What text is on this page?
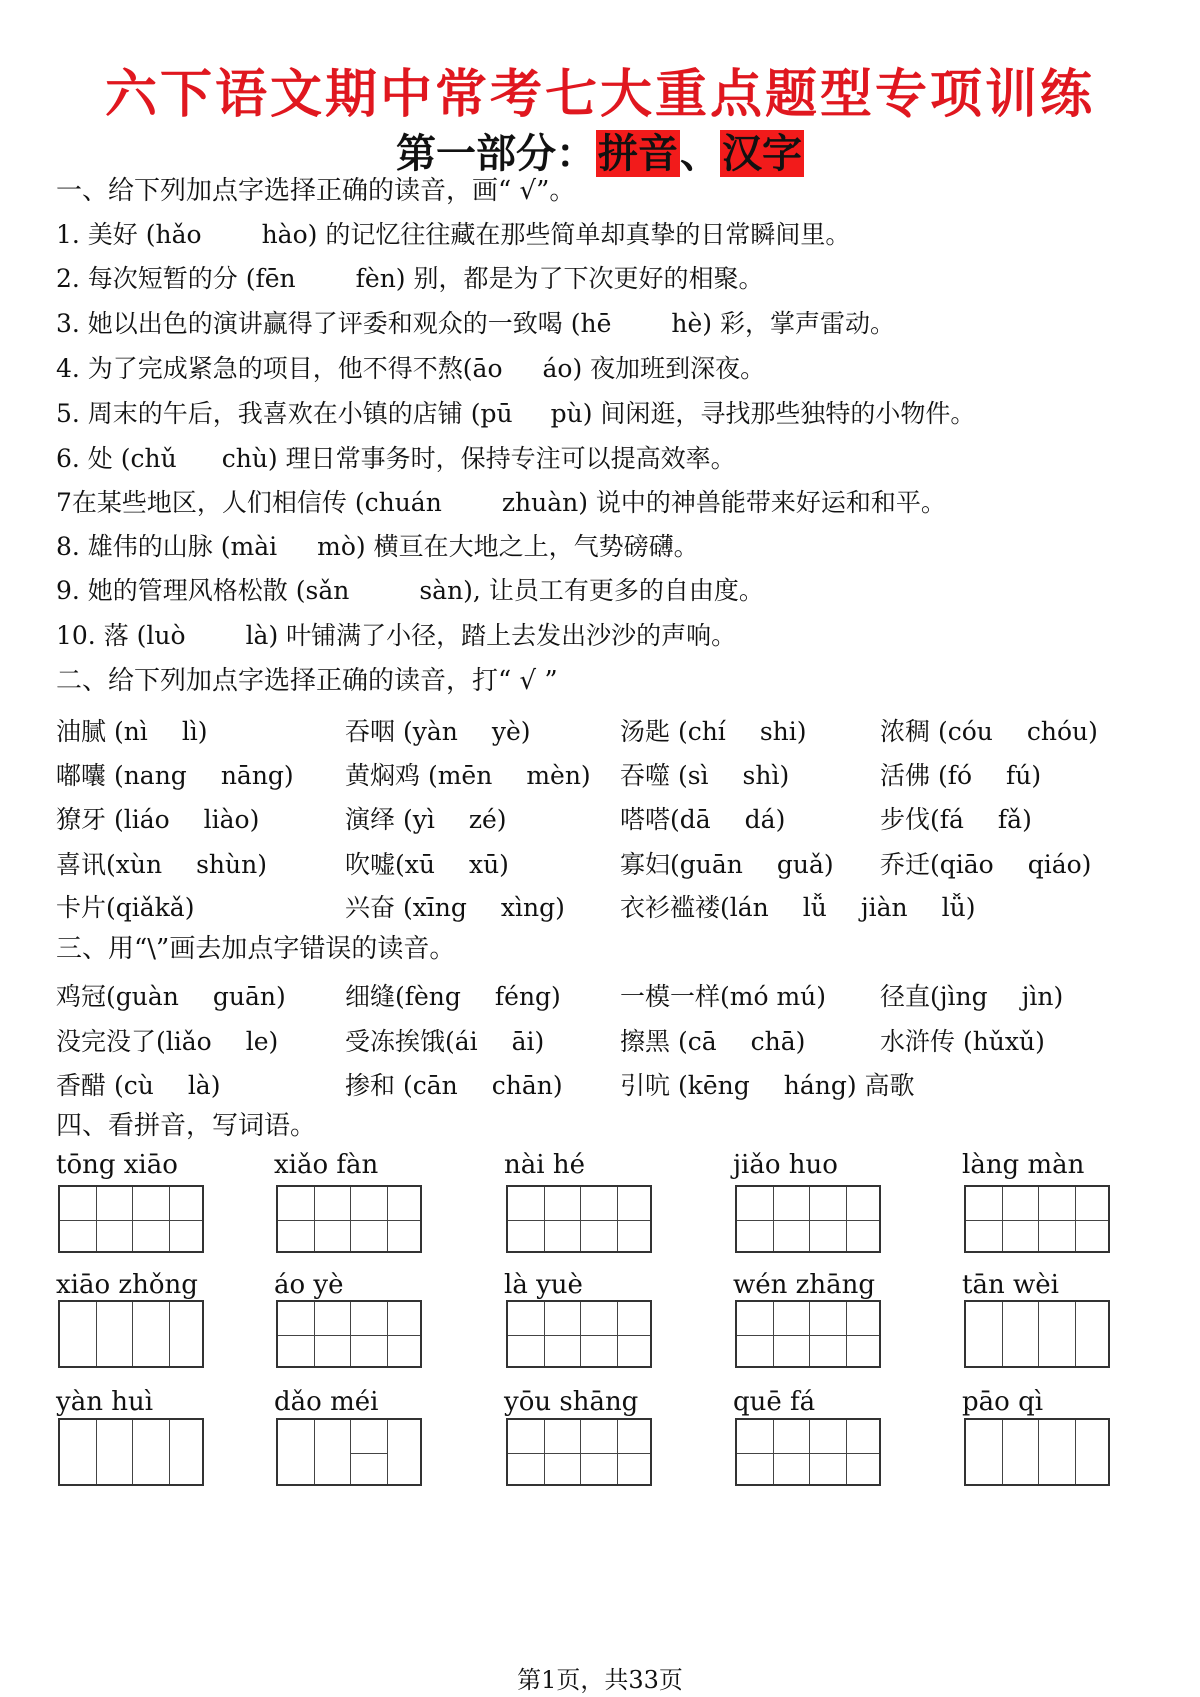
六下语文期中常考七大重点题型专项训练
第一部分：拼音、汉字
一、给下列加点字选择正确的读音，画“ √”。
1. 美好 (hǎo hào) 的记忆往往藏在那些简单却真挚的日常瞬间里。
2. 每次短暂的分 (fēn fèn) 别，都是为了下次更好的相聚。
3. 她以出色的演讲赢得了评委和观众的一致喝 (hē hè) 彩，掌声雷动。
4. 为了完成紧急的项目，他不得不熬(āo áo) 夜加班到深夜。
5. 周末的午后，我喜欢在小镇的店铺 (pū pù) 间闲逛，寻找那些独特的小物件。
6. 处 (chǔ chù) 理日常事务时，保持专注可以提高效率。
7在某些地区，人们相信传 (chuán zhuàn) 说中的神兽能带来好运和和平。
8. 雄伟的山脉 (mài mò) 横亘在大地之上，气势磅礴。
9. 她的管理风格松散 (sǎn	sàn), 让员工有更多的自由度。
10. 落 (luò là) 叶铺满了小径，踏上去发出沙沙的声响。
二、给下列加点字选择正确的读音，打“ √ ”
油腻 (nì lì)	吞咽 (yàn yè)	汤匙 (chí shi)	浓稠 (cóu chóu)
嘟囔 (nang nāng) 黄焖鸡 (mēn mèn) 吞噬 (sì shì)	活佛 (fó fú)
獠牙 (liáo liào)	演绎 (yì zé)	嗒嗒(dā dá)	步伐(fá fǎ)
喜讯(xùn shùn)	吹嘘(xū xū)	寡妇(guān guǎ) 乔迁(qiāo qiáo)
卡片(qiǎkǎ)	兴奋 (xīng xìng) 衣衫褴褛(lán lǚ jiàn lǚ)
三、用“\”画去加点字错误的读音。
鸡冠(guàn guān) 细缝(fèng féng) 一模一样(mó mú) 径直(jìng jìn)
没完没了(liǎo le)	受冻挨饿(ái āi)	擦黑 (cā chā)	水浒传 (hǔxǔ)
香醋 (cù là)	掺和 (cān chān) 引吭 (kēng háng) 高歌
四、看拼音，写词语。
tōng xiāo	xiǎo fàn	nài hé	jiǎo huo	làng màn
xiāo zhǒng	áo yè	là yuè	wén zhāng	tān wèi
yàn huì	dǎo méi	yōu shāng	quē fá	pāo qì
第1页，共33页
